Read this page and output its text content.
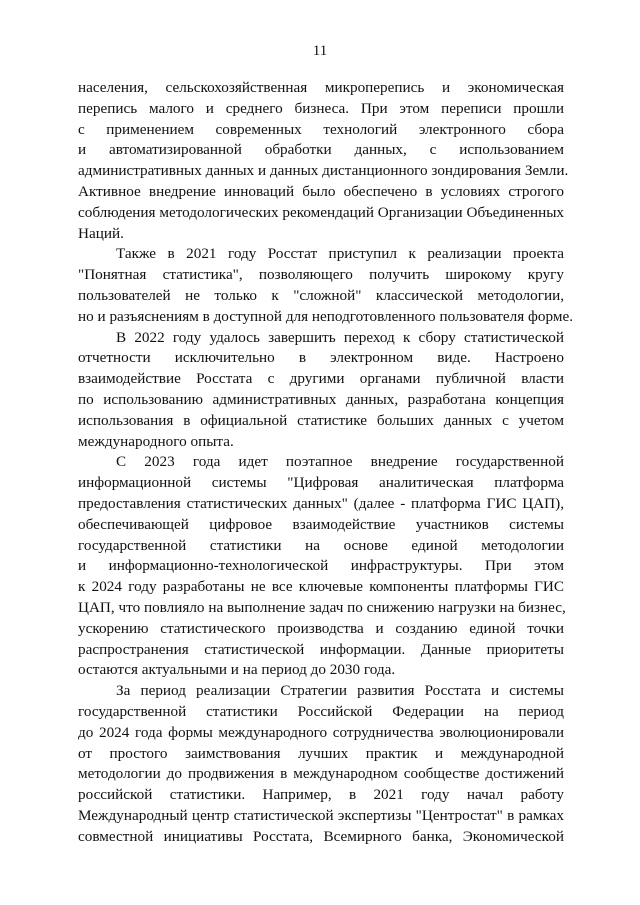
11
населения, сельскохозяйственная микроперепись и экономическая
перепись малого и среднего бизнеса. При этом переписи прошли
с применением современных технологий электронного сбора
и автоматизированной обработки данных, с использованием
административных данных и данных дистанционного зондирования Земли.
Активное внедрение инноваций было обеспечено в условиях строгого
соблюдения методологических рекомендаций Организации Объединенных
Наций.
Также в 2021 году Росстат приступил к реализации проекта
"Понятная статистика", позволяющего получить широкому кругу
пользователей не только к "сложной" классической методологии,
но и разъяснениям в доступной для неподготовленного пользователя форме.
В 2022 году удалось завершить переход к сбору статистической
отчетности исключительно в электронном виде. Настроено
взаимодействие Росстата с другими органами публичной власти
по использованию административных данных, разработана концепция
использования в официальной статистике больших данных с учетом
международного опыта.
С 2023 года идет поэтапное внедрение государственной
информационной системы "Цифровая аналитическая платформа
предоставления статистических данных" (далее - платформа ГИС ЦАП),
обеспечивающей цифровое взаимодействие участников системы
государственной статистики на основе единой методологии
и информационно-технологической инфраструктуры. При этом
к 2024 году разработаны не все ключевые компоненты платформы ГИС
ЦАП, что повлияло на выполнение задач по снижению нагрузки на бизнес,
ускорению статистического производства и созданию единой точки
распространения статистической информации. Данные приоритеты
остаются актуальными и на период до 2030 года.
За период реализации Стратегии развития Росстата и системы
государственной статистики Российской Федерации на период
до 2024 года формы международного сотрудничества эволюционировали
от простого заимствования лучших практик и международной
методологии до продвижения в международном сообществе достижений
российской статистики. Например, в 2021 году начал работу
Международный центр статистической экспертизы "Центростат" в рамках
совместной инициативы Росстата, Всемирного банка, Экономической
